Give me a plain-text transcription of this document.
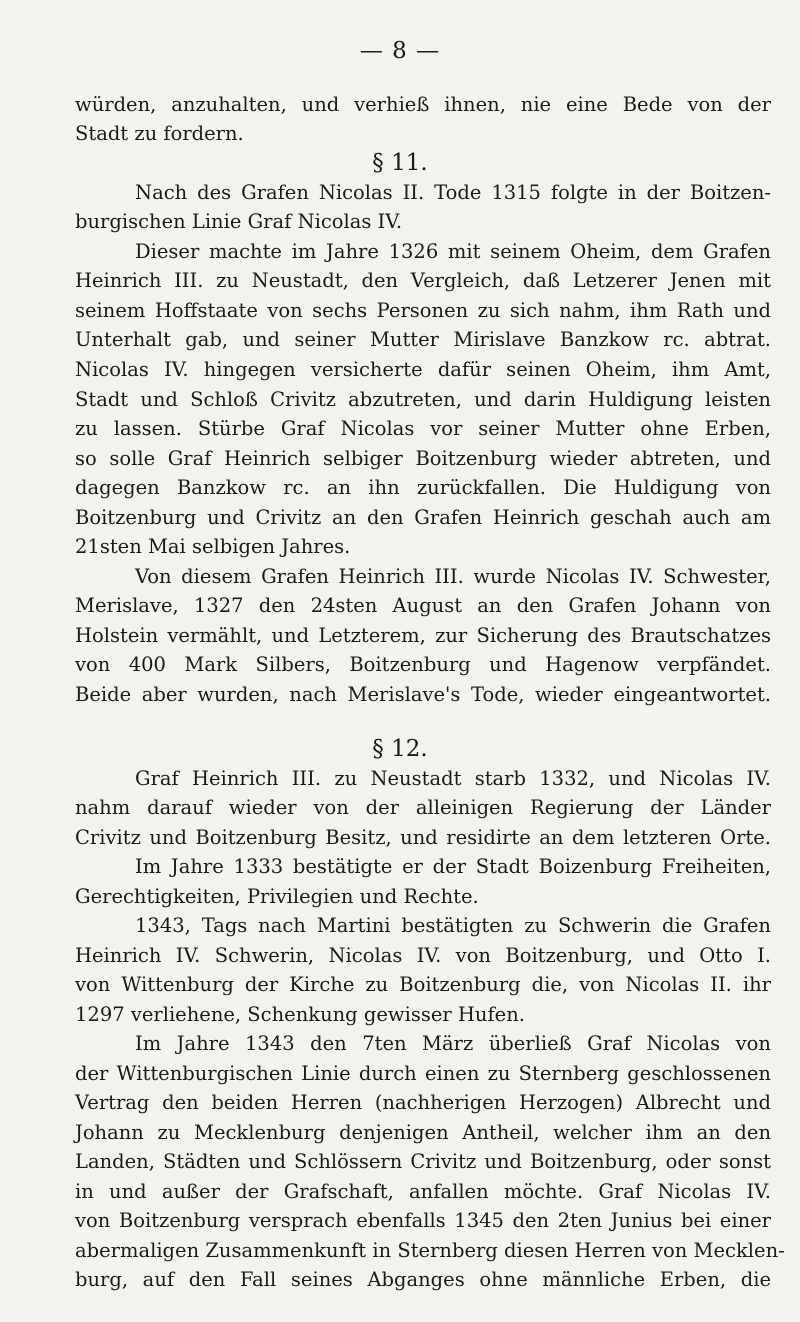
— 8 —
würden, anzuhalten, und verhieß ihnen, nie eine Bede von der
Stadt zu fordern.
§ 11.
Nach des Grafen Nicolas II. Tode 1315 folgte in der Boitzen-
burgischen Linie Graf Nicolas IV.
Dieser machte im Jahre 1326 mit seinem Oheim, dem Grafen
Heinrich III. zu Neustadt, den Vergleich, daß Letzerer Jenen mit
seinem Hoffstaate von sechs Personen zu sich nahm, ihm Rath und
Unterhalt gab, und seiner Mutter Mirislave Banzkow rc. abtrat.
Nicolas IV. hingegen versicherte dafür seinen Oheim, ihm Amt,
Stadt und Schloß Crivitz abzutreten, und darin Huldigung leisten
zu lassen. Stürbe Graf Nicolas vor seiner Mutter ohne Erben,
so solle Graf Heinrich selbiger Boitzenburg wieder abtreten, und
dagegen Banzkow rc. an ihn zurückfallen. Die Huldigung von
Boitzenburg und Crivitz an den Grafen Heinrich geschah auch am
21sten Mai selbigen Jahres.
Von diesem Grafen Heinrich III. wurde Nicolas IV. Schwester,
Merislave, 1327 den 24sten August an den Grafen Johann von
Holstein vermählt, und Letzterem, zur Sicherung des Brautschatzes
von 400 Mark Silbers, Boitzenburg und Hagenow verpfändet.
Beide aber wurden, nach Merislave's Tode, wieder eingeantwortet.
§ 12.
Graf Heinrich III. zu Neustadt starb 1332, und Nicolas IV.
nahm darauf wieder von der alleinigen Regierung der Länder
Crivitz und Boitzenburg Besitz, und residirte an dem letzteren Orte.
Im Jahre 1333 bestätigte er der Stadt Boizenburg Freiheiten,
Gerechtigkeiten, Privilegien und Rechte.
1343, Tags nach Martini bestätigten zu Schwerin die Grafen
Heinrich IV. Schwerin, Nicolas IV. von Boitzenburg, und Otto I.
von Wittenburg der Kirche zu Boitzenburg die, von Nicolas II. ihr
1297 verliehene, Schenkung gewisser Hufen.
Im Jahre 1343 den 7ten März überließ Graf Nicolas von
der Wittenburgischen Linie durch einen zu Sternberg geschlossenen
Vertrag den beiden Herren (nachherigen Herzogen) Albrecht und
Johann zu Mecklenburg denjenigen Antheil, welcher ihm an den
Landen, Städten und Schlössern Crivitz und Boitzenburg, oder sonst
in und außer der Grafschaft, anfallen möchte. Graf Nicolas IV.
von Boitzenburg versprach ebenfalls 1345 den 2ten Junius bei einer
abermaligen Zusammenkunft in Sternberg diesen Herren von Mecklen-
burg, auf den Fall seines Abganges ohne männliche Erben, die
